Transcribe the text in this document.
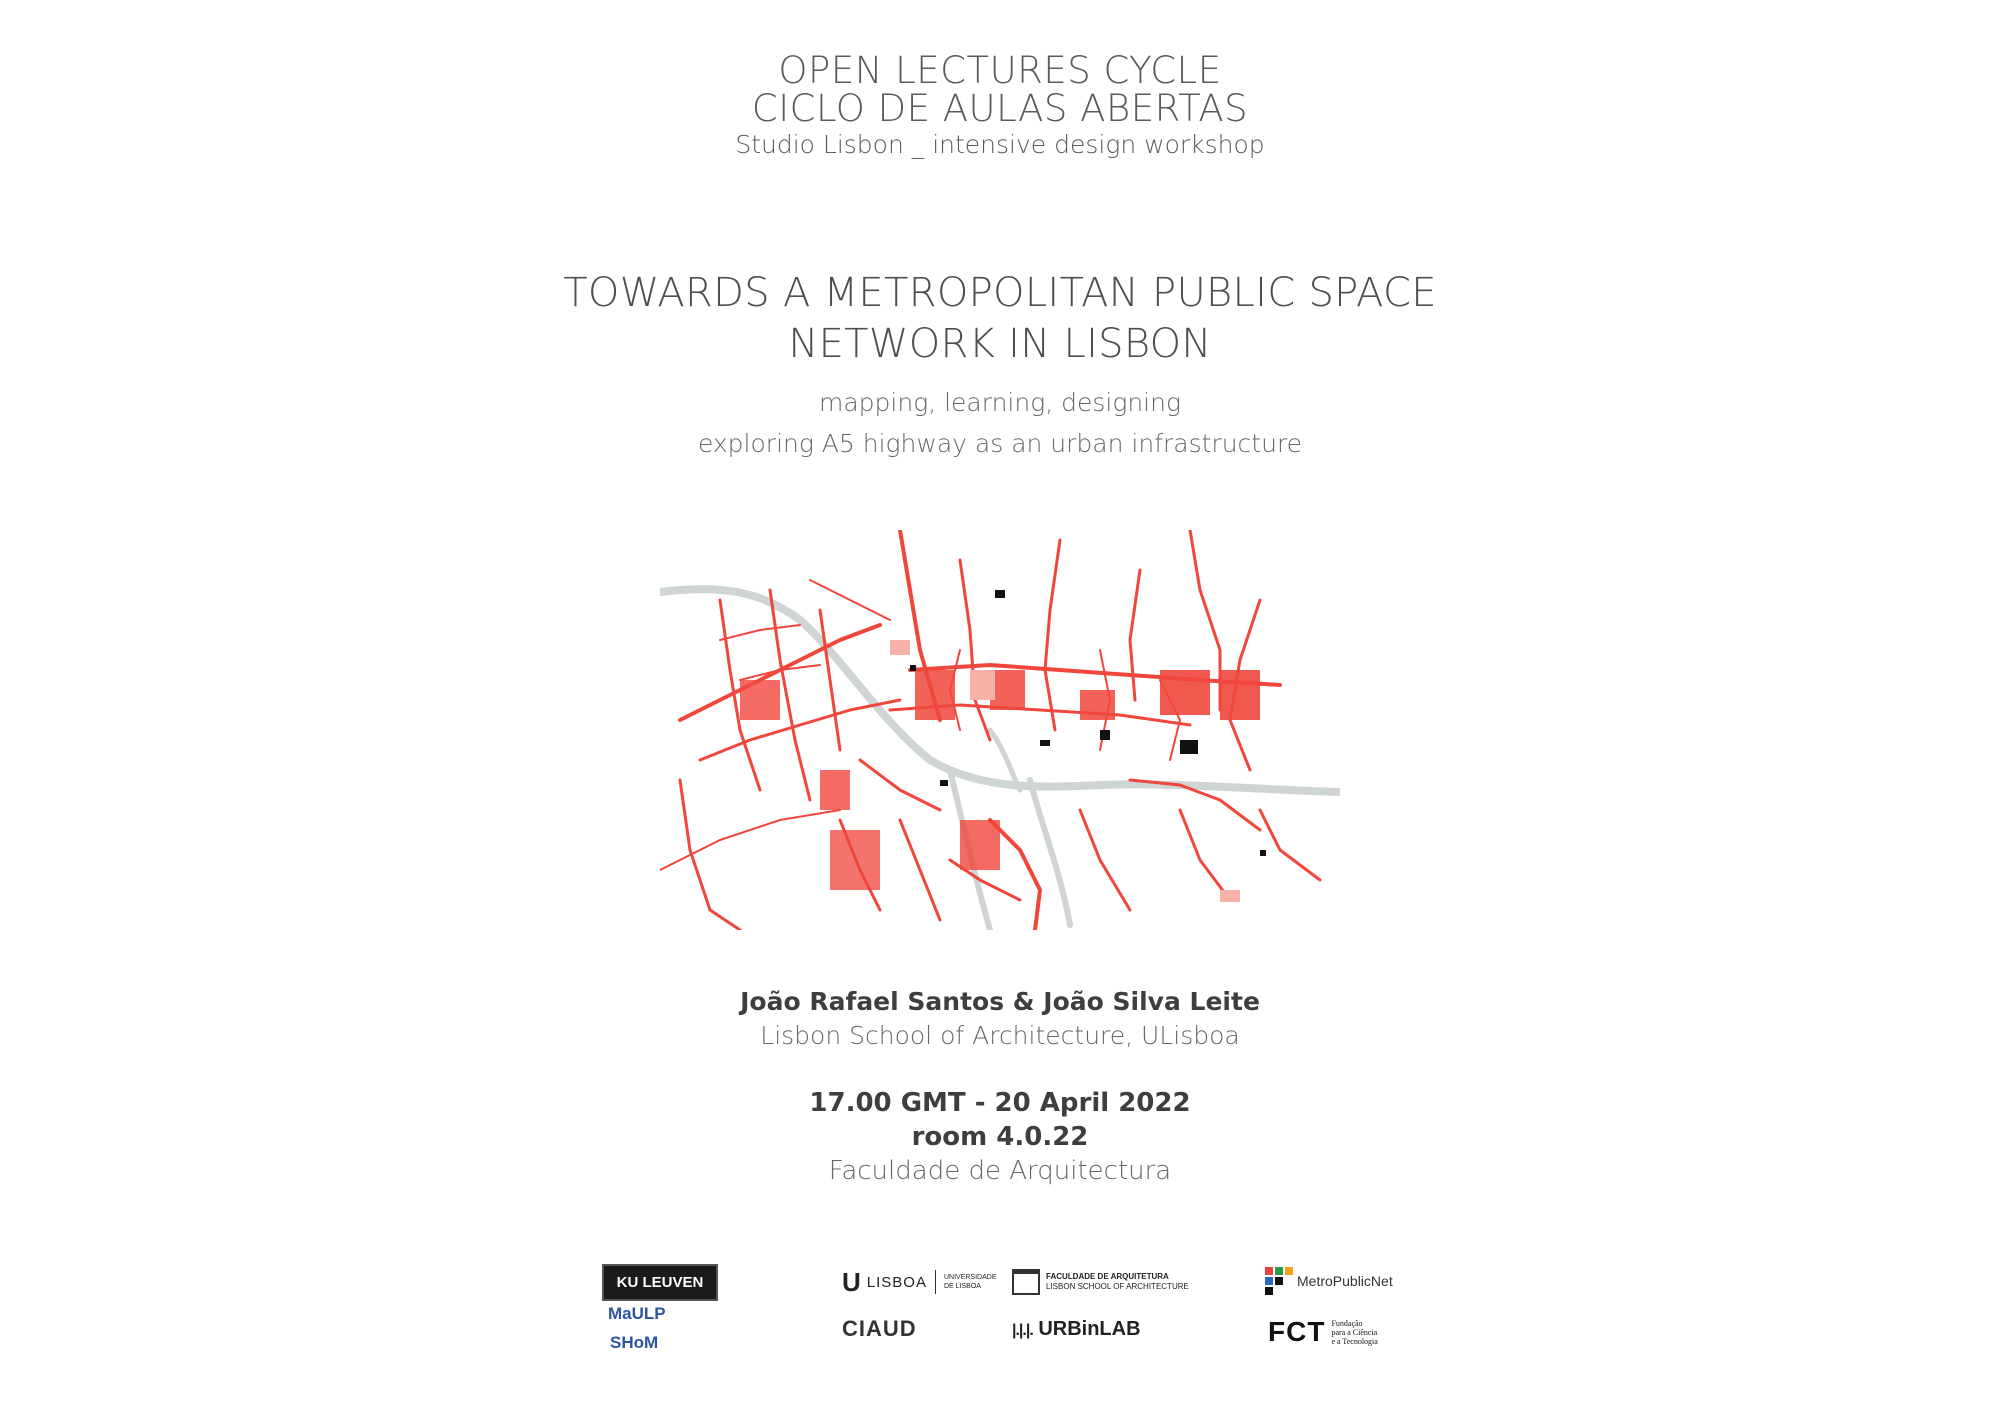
OPEN LECTURES CYCLE
CICLO DE AULAS ABERTAS
Studio Lisbon _ intensive design workshop
TOWARDS A METROPOLITAN PUBLIC SPACE
NETWORK IN LISBON
mapping, learning, designing
exploring A5 highway as an urban infrastructure
João Rafael Santos & João Silva Leite
Lisbon School of Architecture, ULisboa
17.00 GMT - 20 April 2022
room 4.0.22
Faculdade de Arquitectura
KU LEUVEN
MaULP
SHoM
U LISBOA UNIVERSIDADE
DE LISBOA
FACULDADE DE ARQUITETURA
LISBON SCHOOL OF ARCHITECTURE
CIAUD	|.|.|. URBinLAB
MetroPublicNet
FCT Fundação
para a Ciência
e a Tecnologia
